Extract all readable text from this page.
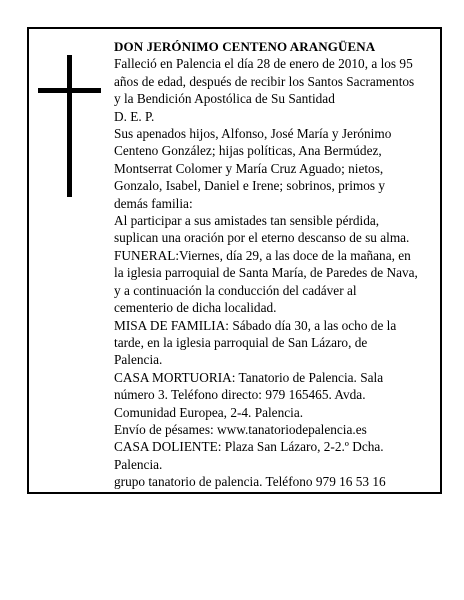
DON JERÓNIMO CENTENO ARANGÜENA

Falleció en Palencia el día 28 de enero de 2010, a los 95 años de edad, después de recibir los Santos Sacramentos y la Bendición Apostólica de Su Santidad

D. E. P.

Sus apenados hijos, Alfonso, José María y Jerónimo Centeno González; hijas políticas, Ana Bermúdez, Montserrat Colomer y María Cruz Aguado; nietos, Gonzalo, Isabel, Daniel e Irene; sobrinos, primos y demás familia:

Al participar a sus amistades tan sensible pérdida, suplican una oración por el eterno descanso de su alma.

FUNERAL:Viernes, día 29, a las doce de la mañana, en la iglesia parroquial de Santa María, de Paredes de Nava, y a continuación la conducción del cadáver al cementerio de dicha localidad.

MISA DE FAMILIA: Sábado día 30, a las ocho de la tarde, en la iglesia parroquial de San Lázaro, de Palencia.

CASA MORTUORIA: Tanatorio de Palencia. Sala número 3. Teléfono directo: 979 165465. Avda. Comunidad Europea, 2-4. Palencia.

Envío de pésames: www.tanatoriodepalencia.es

CASA DOLIENTE: Plaza San Lázaro, 2-2.º Dcha. Palencia.

grupo tanatorio de palencia. Teléfono 979 16 53 16
